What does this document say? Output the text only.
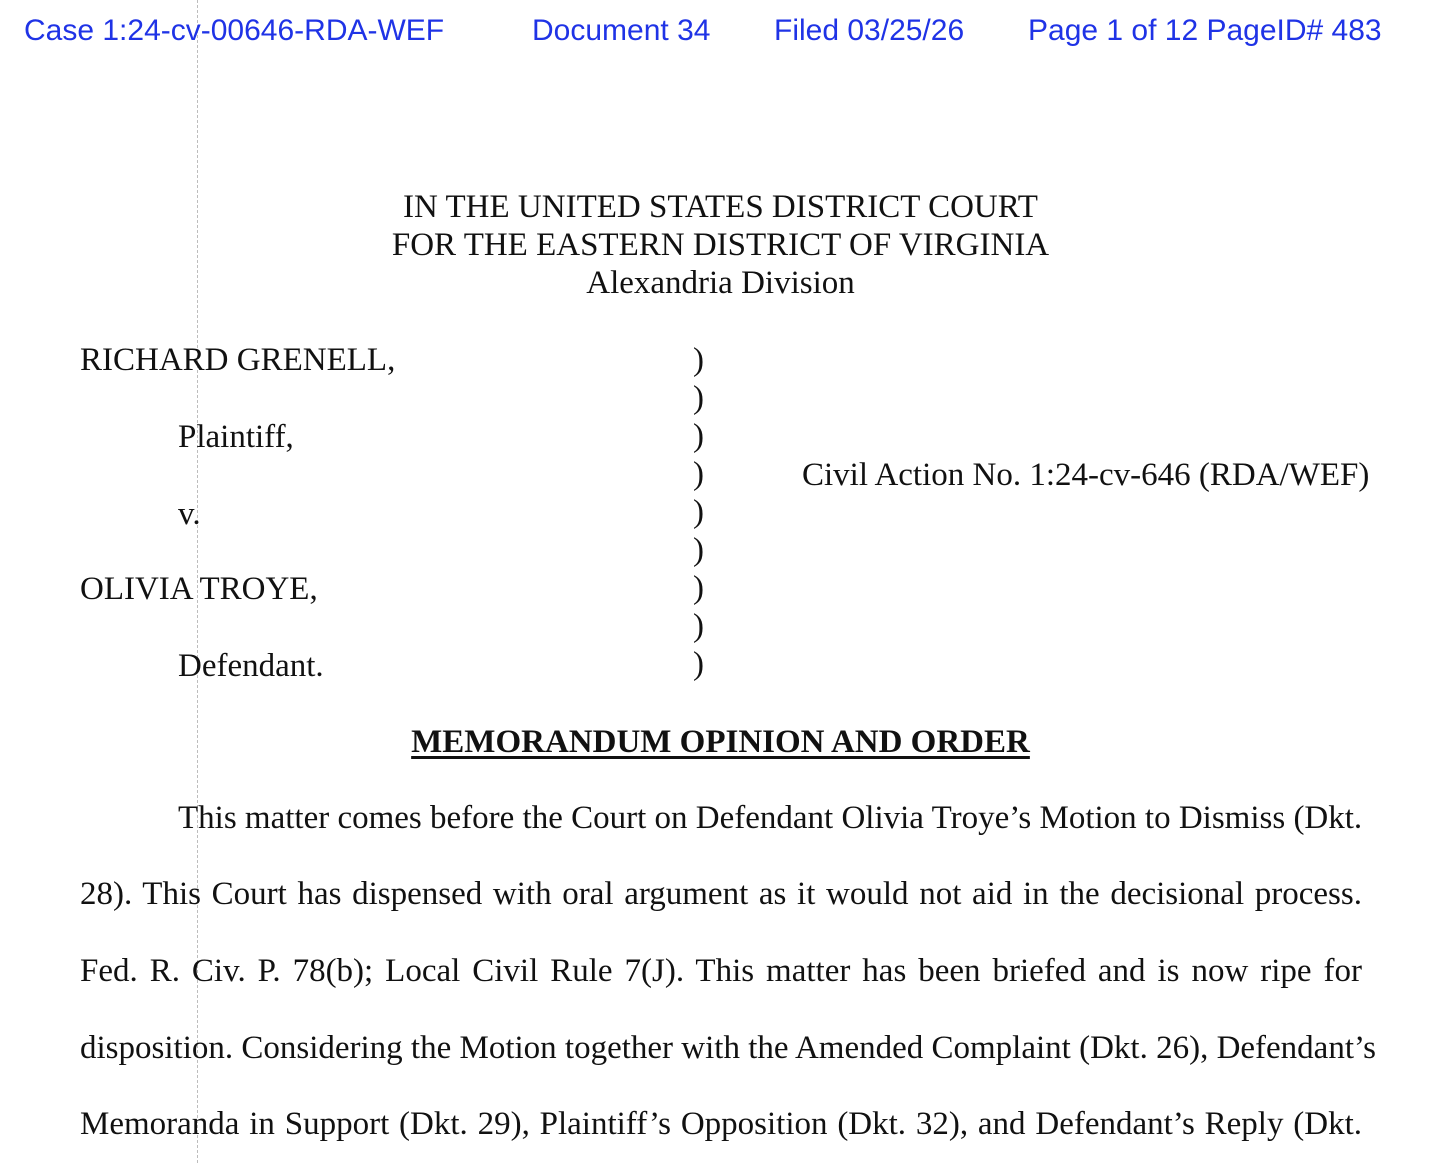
Case 1:24-cv-00646-RDA-WEF	Document 34 Filed 03/25/26 Page 1 of 12 PageID# 483
IN THE UNITED STATES DISTRICT COURT
FOR THE EASTERN DISTRICT OF VIRGINIA
Alexandria Division
RICHARD GRENELL,
Plaintiff,
v.
OLIVIA TROYE,
Defendant.
)
)
)
)
)
)
)
)
)
Civil Action No. 1:24-cv-646 (RDA/WEF)
MEMORANDUM OPINION AND ORDER
This matter comes before the Court on Defendant Olivia Troye’s Motion to Dismiss (Dkt.
28). This Court has dispensed with oral argument as it would not aid in the decisional process.
Fed. R. Civ. P. 78(b); Local Civil Rule 7(J). This matter has been briefed and is now ripe for
disposition. Considering the Motion together with the Amended Complaint (Dkt. 26), Defendant’s
Memoranda in Support (Dkt. 29), Plaintiff’s Opposition (Dkt. 32), and Defendant’s Reply (Dkt.
